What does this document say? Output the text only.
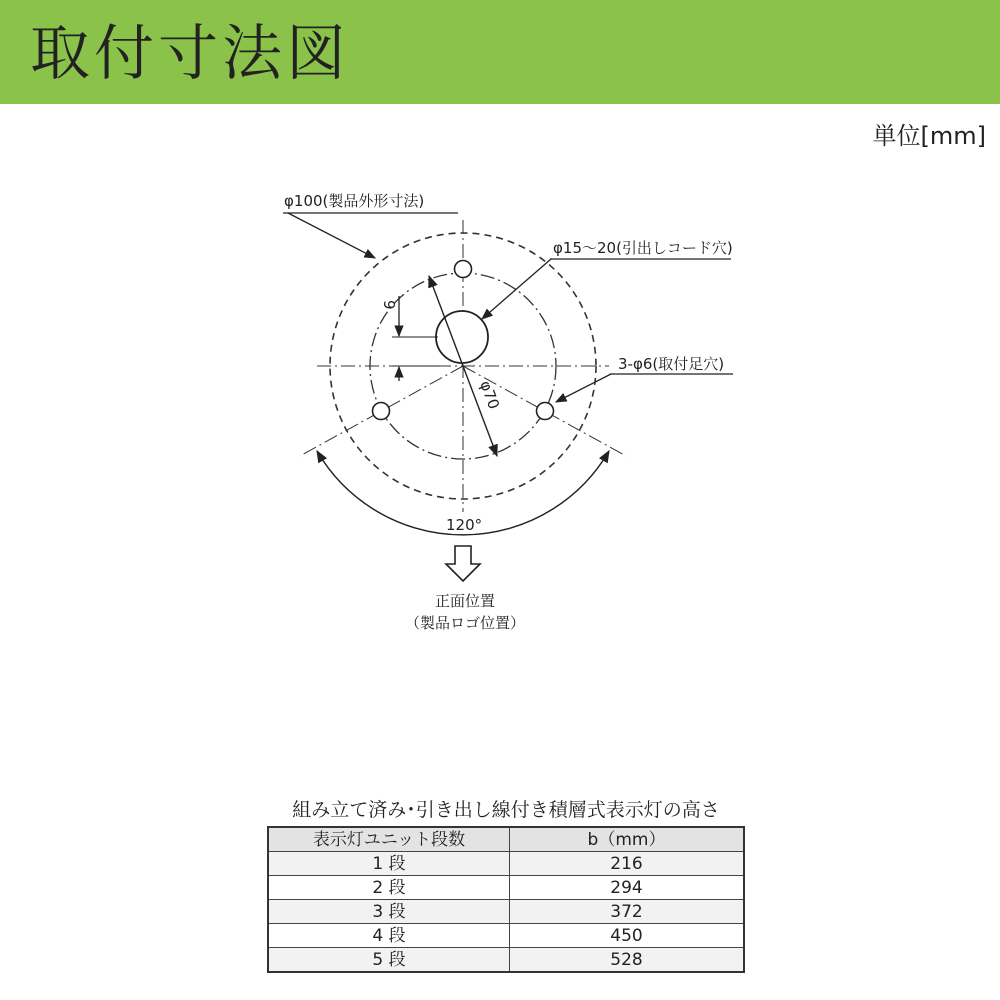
取付寸法図
単位[mm]
φ100(製品外形寸法)
φ15～20(引出しコード穴)
3-φ6(取付足穴)
φ70
9
120°
正面位置
（製品ロゴ位置）
組み立て済み･引き出し線付き積層式表示灯の高さ
表示灯ユニット段数	b（mm）
1 段	216
2 段	294
3 段	372
4 段	450
5 段	528
